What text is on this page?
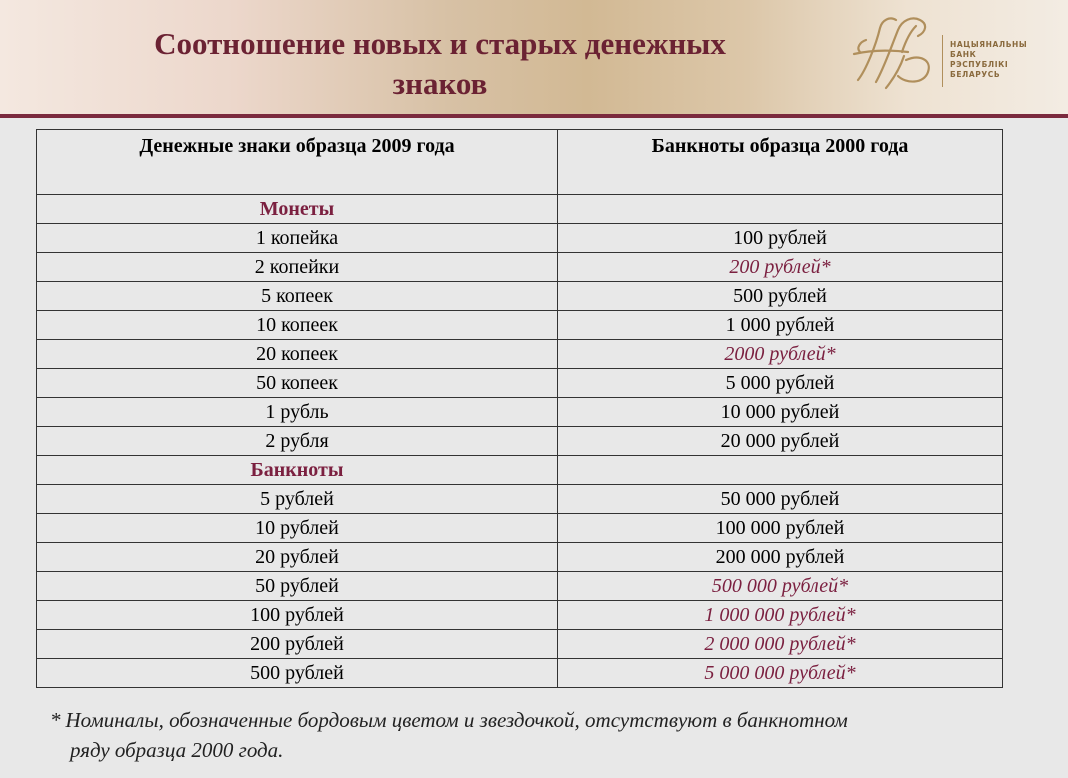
Соотношение новых и старых денежных
знаков
НАЦЫЯНАЛЬНЫ
БАНК
РЭСПУБЛІКІ
БЕЛАРУСЬ
Денежные знаки образца 2009 года	Банкноты образца 2000 года
Монеты	
1 копейка	100 рублей
2 копейки	200 рублей*
5 копеек	500 рублей
10 копеек	1 000 рублей
20 копеек	2000 рублей*
50 копеек	5 000 рублей
1 рубль	10 000 рублей
2 рубля	20 000 рублей
Банкноты	
5 рублей	50 000 рублей
10 рублей	100 000 рублей
20 рублей	200 000 рублей
50 рублей	500 000 рублей*
100 рублей	1 000 000 рублей*
200 рублей	2 000 000 рублей*
500 рублей	5 000 000 рублей*
* Номиналы, обозначенные бордовым цветом и звездочкой, отсутствуют в банкнотном
ряду образца 2000 года.
